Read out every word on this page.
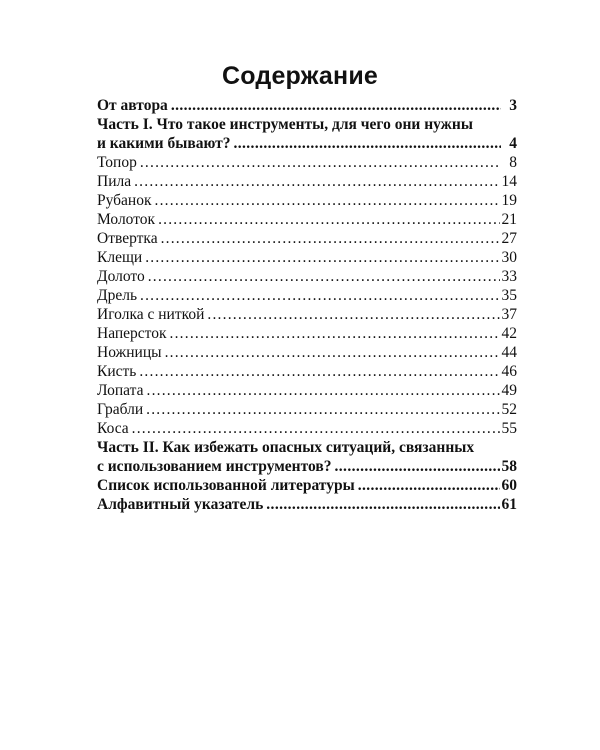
Содержание
От автора .....	3
Часть I. Что такое инструменты, для чего они нужны
и какими бывают? .....	4
Топор .....	8
Пила .....	14
Рубанок .....	19
Молоток .....	21
Отвертка .....	27
Клещи .....	30
Долото .....	33
Дрель .....	35
Иголка с ниткой .....	37
Наперсток .....	42
Ножницы .....	44
Кисть .....	46
Лопата .....	49
Грабли .....	52
Коса .....	55
Часть II. Как избежать опасных ситуаций, связанных
с использованием инструментов? .....	58
Список использованной литературы .....	60
Алфавитный указатель .....	61
